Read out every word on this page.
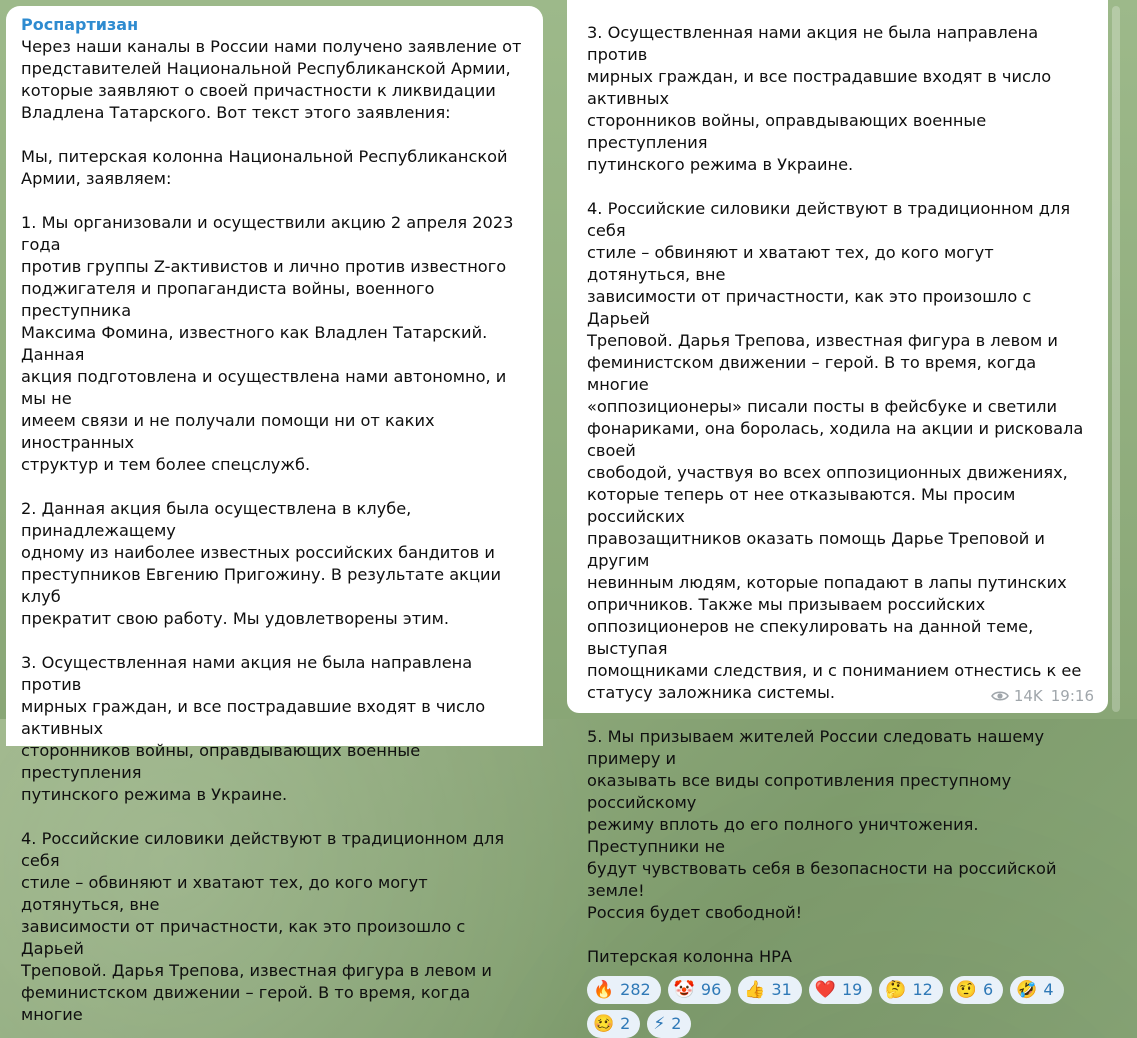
Роспартизан

Через наши каналы в России нами получено заявление от
представителей Национальной Республиканской Армии,
которые заявляют о своей причастности к ликвидации
Владлена Татарского. Вот текст этого заявления:

Мы, питерская колонна Национальной Республиканской
Армии, заявляем:

1. Мы организовали и осуществили акцию 2 апреля 2023 года
против группы Z-активистов и лично против известного
поджигателя и пропагандиста войны, военного преступника
Максима Фомина, известного как Владлен Татарский. Данная
акция подготовлена и осуществлена нами автономно, и мы не
имеем связи и не получали помощи ни от каких иностранных
структур и тем более спецслужб.

2. Данная акция была осуществлена в клубе, принадлежащему
одному из наиболее известных российских бандитов и
преступников Евгению Пригожину. В результате акции клуб
прекратит свою работу. Мы удовлетворены этим.

3. Осуществленная нами акция не была направлена против
мирных граждан, и все пострадавшие входят в число активных
сторонников войны, оправдывающих военные преступления
путинского режима в Украине.

4. Российские силовики действуют в традиционном для себя
стиле – обвиняют и хватают тех, до кого могут дотянуться, вне
зависимости от причастности, как это произошло с Дарьей
Треповой. Дарья Трепова, известная фигура в левом и
феминистском движении – герой. В то время, когда многие

3. Осуществленная нами акция не была направлена против
мирных граждан, и все пострадавшие входят в число активных
сторонников войны, оправдывающих военные преступления
путинского режима в Украине.

4. Российские силовики действуют в традиционном для себя
стиле – обвиняют и хватают тех, до кого могут дотянуться, вне
зависимости от причастности, как это произошло с Дарьей
Треповой. Дарья Трепова, известная фигура в левом и
феминистском движении – герой. В то время, когда многие
«оппозиционеры» писали посты в фейсбуке и светили
фонариками, она боролась, ходила на акции и рисковала своей
свободой, участвуя во всех оппозиционных движениях,
которые теперь от нее отказываются. Мы просим российских
правозащитников оказать помощь Дарье Треповой и другим
невинным людям, которые попадают в лапы путинских
опричников. Также мы призываем российских
оппозиционеров не спекулировать на данной теме, выступая
помощниками следствия, и с пониманием отнестись к ее
статусу заложника системы.

5. Мы призываем жителей России следовать нашему примеру и
оказывать все виды сопротивления преступному российскому
режиму вплоть до его полного уничтожения. Преступники не
будут чувствовать себя в безопасности на российской земле!
Россия будет свободной!

Питерская колонна НРА

🔥 282 🤡 96 👍 31 ❤️ 19 🤔 12 🤨 6 🤣 4
🥴 2 ⚡ 2
14K 19:16
